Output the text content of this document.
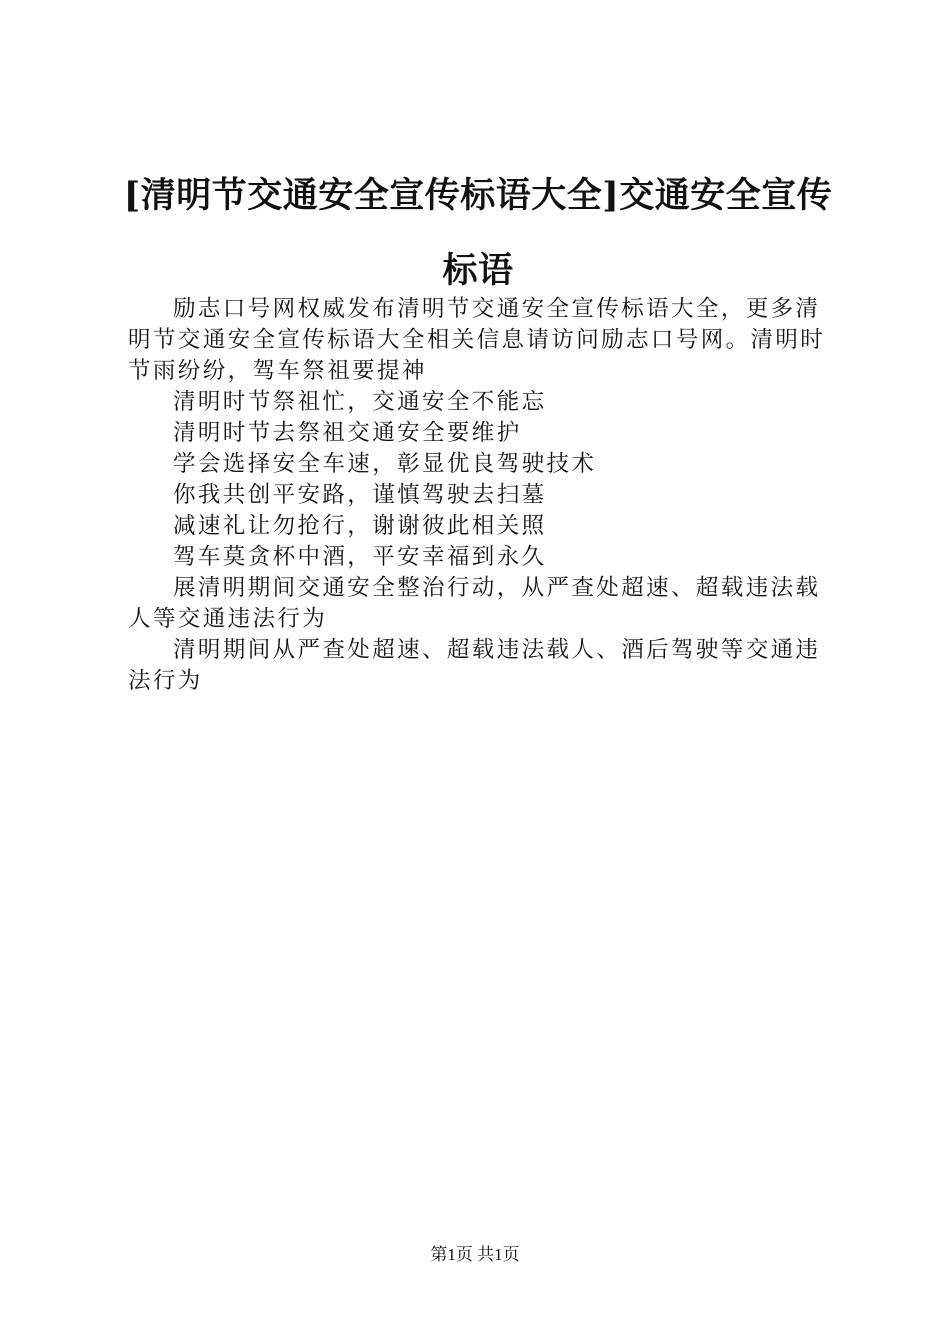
[清明节交通安全宣传标语大全]交通安全宣传标语

励志口号网权威发布清明节交通安全宣传标语大全，更多清明节交通安全宣传标语大全相关信息请访问励志口号网。清明时节雨纷纷，驾车祭祖要提神

清明时节祭祖忙，交通安全不能忘

清明时节去祭祖交通安全要维护

学会选择安全车速，彰显优良驾驶技术

你我共创平安路，谨慎驾驶去扫墓

减速礼让勿抢行，谢谢彼此相关照

驾车莫贪杯中酒，平安幸福到永久

展清明期间交通安全整治行动，从严查处超速、超载违法载人等交通违法行为

清明期间从严查处超速、超载违法载人、酒后驾驶等交通违法行为

第1页 共1页
